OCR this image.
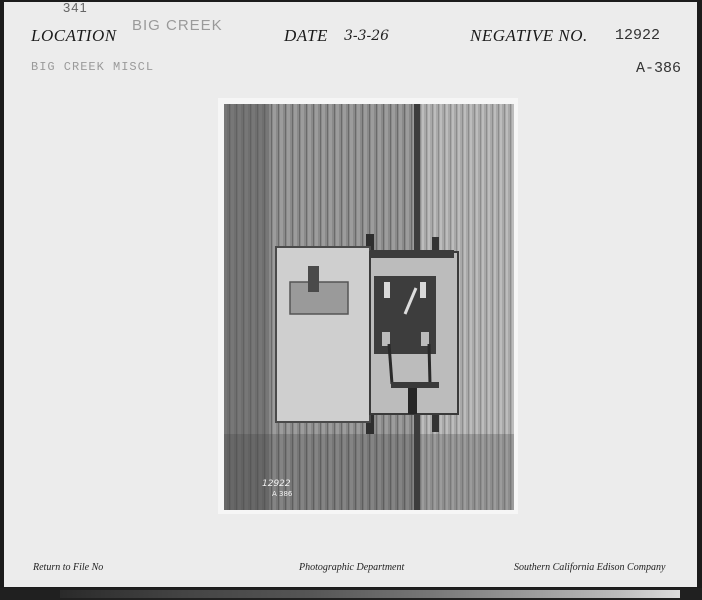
341
LOCATION
BIG CREEK
DATE 3-3-26	NEGATIVE NO. 12922
BIG CREEK MISCL	A-386
12922
A 386
Return to File No	Photographic Department	Southern California Edison Company
